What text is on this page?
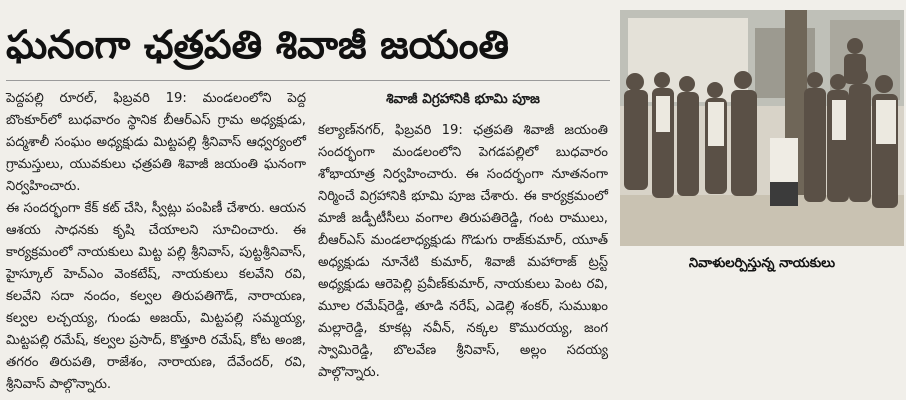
ఘనంగా ఛత్రపతి శివాజీ జయంతి

పెద్దపల్లి రూరల్, ఫిబ్రవరి 19: మండలంలోని పెద్ద బొంకూర్‌లో బుధవారం స్థానిక బీఆర్ఎస్ గ్రామ అధ్యక్షుడు, పద్మశాలీ సంఘం అధ్యక్షుడు మిట్టపల్లి శ్రీనివాస్ ఆధ్వర్యంలో గ్రామస్తులు, యువకులు ఛత్రపతి శివాజీ జయంతి ఘనంగా నిర్వహించారు.

ఈ సందర్భంగా కేక్ కట్ చేసి, స్వీట్లు పంపిణీ చేశారు. ఆయన ఆశయ సాధనకు కృషి చేయాలని సూచించారు. ఈ కార్యక్రమంలో నాయకులు మిట్ట పల్లి శ్రీనివాస్, పుట్టశ్రీనివాస్, హైస్కూల్ హెచ్ఎం వెంకటేష్, నాయకులు కలవేని రవి, కలవేని సదా నందం, కల్వల తిరుపతిగౌడ్, నారాయణ, కల్వల లచ్చయ్య, గుండు అజయ్, మిట్టపల్లి సమ్మయ్య, మిట్టపల్లి రమేష్, కల్వల ప్రసాద్, కొత్తూరి రమేష్, కోట అంజి, తగరం తిరుపతి, రాజేశం, నారాయణ, దేవేందర్, రవి, శ్రీనివాస్ పాల్గొన్నారు.

శివాజీ విగ్రహానికి భూమి పూజ

కల్యాణ్‌నగర్, ఫిబ్రవరి 19: ఛత్రపతి శివాజీ జయంతి సందర్భంగా మండలంలోని పెగడపల్లిలో బుధవారం శోభాయాత్ర నిర్వహించారు. ఈ సందర్భంగా నూతనంగా నిర్మించే విగ్రహానికి భూమి పూజ చేశారు. ఈ కార్యక్రమంలో మాజీ జడ్పీటీసీలు వంగాల తిరుపతిరెడ్డి, గంట రాములు, బీఆర్ఎస్ మండలాధ్యక్షుడు గొడుగు రాజ్‌కుమార్, యూత్ అధ్యక్షుడు నూనేటి కుమార్, శివాజీ మహారాజ్ ట్రస్ట్ అధ్యక్షుడు ఆరెపెల్లి ప్రవీణ్‌కుమార్, నాయకులు పెంట రవి, మూల రమేష్‌రెడ్డి, తూడి నరేష్, ఎడెల్లి శంకర్, సుముఖం మల్లారెడ్డి, కూకట్ల నవీన్, నక్కల కొమురయ్య, జంగ స్వామిరెడ్డి, బొలవేణ శ్రీనివాస్, అల్లం సదయ్య పాల్గొన్నారు.

నివాళులర్పిస్తున్న నాయకులు
